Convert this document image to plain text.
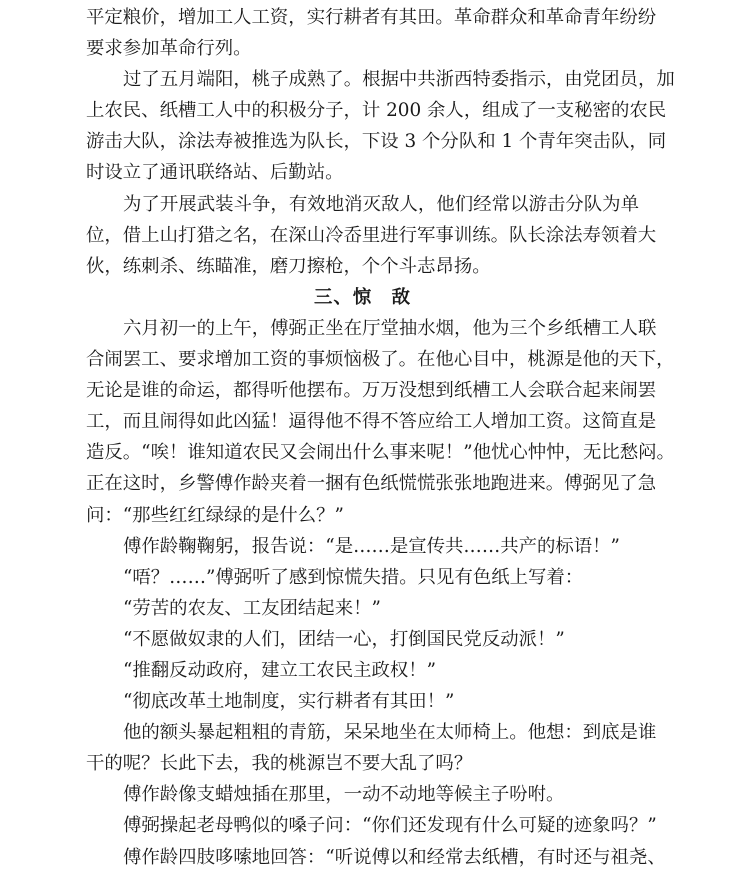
平定粮价，增加工人工资，实行耕者有其田。革命群众和革命青年纷纷
要求参加革命行列。
过了五月端阳，桃子成熟了。根据中共浙西特委指示，由党团员，加
上农民、纸槽工人中的积极分子，计 200 余人，组成了一支秘密的农民
游击大队，涂法寿被推选为队长，下设 3 个分队和 1 个青年突击队，同
时设立了通讯联络站、后勤站。
为了开展武装斗争，有效地消灭敌人，他们经常以游击分队为单
位，借上山打猎之名，在深山冷岙里进行军事训练。队长涂法寿领着大
伙，练刺杀、练瞄准，磨刀擦枪，个个斗志昂扬。
三、惊　敌
六月初一的上午，傅弼正坐在厅堂抽水烟，他为三个乡纸槽工人联
合闹罢工、要求增加工资的事烦恼极了。在他心目中，桃源是他的天下，
无论是谁的命运，都得听他摆布。万万没想到纸槽工人会联合起来闹罢
工，而且闹得如此凶猛！逼得他不得不答应给工人增加工资。这简直是
造反。“唉！谁知道农民又会闹出什么事来呢！”他忧心忡忡，无比愁闷。
正在这时，乡警傅作龄夹着一捆有色纸慌慌张张地跑进来。傅弼见了急
问：“那些红红绿绿的是什么？”
傅作龄鞠鞠躬，报告说：“是……是宣传共……共产的标语！”
“唔？……”傅弼听了感到惊慌失措。只见有色纸上写着：
“劳苦的农友、工友团结起来！”
“不愿做奴隶的人们，团结一心，打倒国民党反动派！”
“推翻反动政府，建立工农民主政权！”
“彻底改革土地制度，实行耕者有其田！”
他的额头暴起粗粗的青筋，呆呆地坐在太师椅上。他想：到底是谁
干的呢？长此下去，我的桃源岂不要大乱了吗？
傅作龄像支蜡烛插在那里，一动不动地等候主子吩咐。
傅弼操起老母鸭似的嗓子问：“你们还发现有什么可疑的迹象吗？”
傅作龄四肢哆嗦地回答：“听说傅以和经常去纸槽，有时还与祖尧、
